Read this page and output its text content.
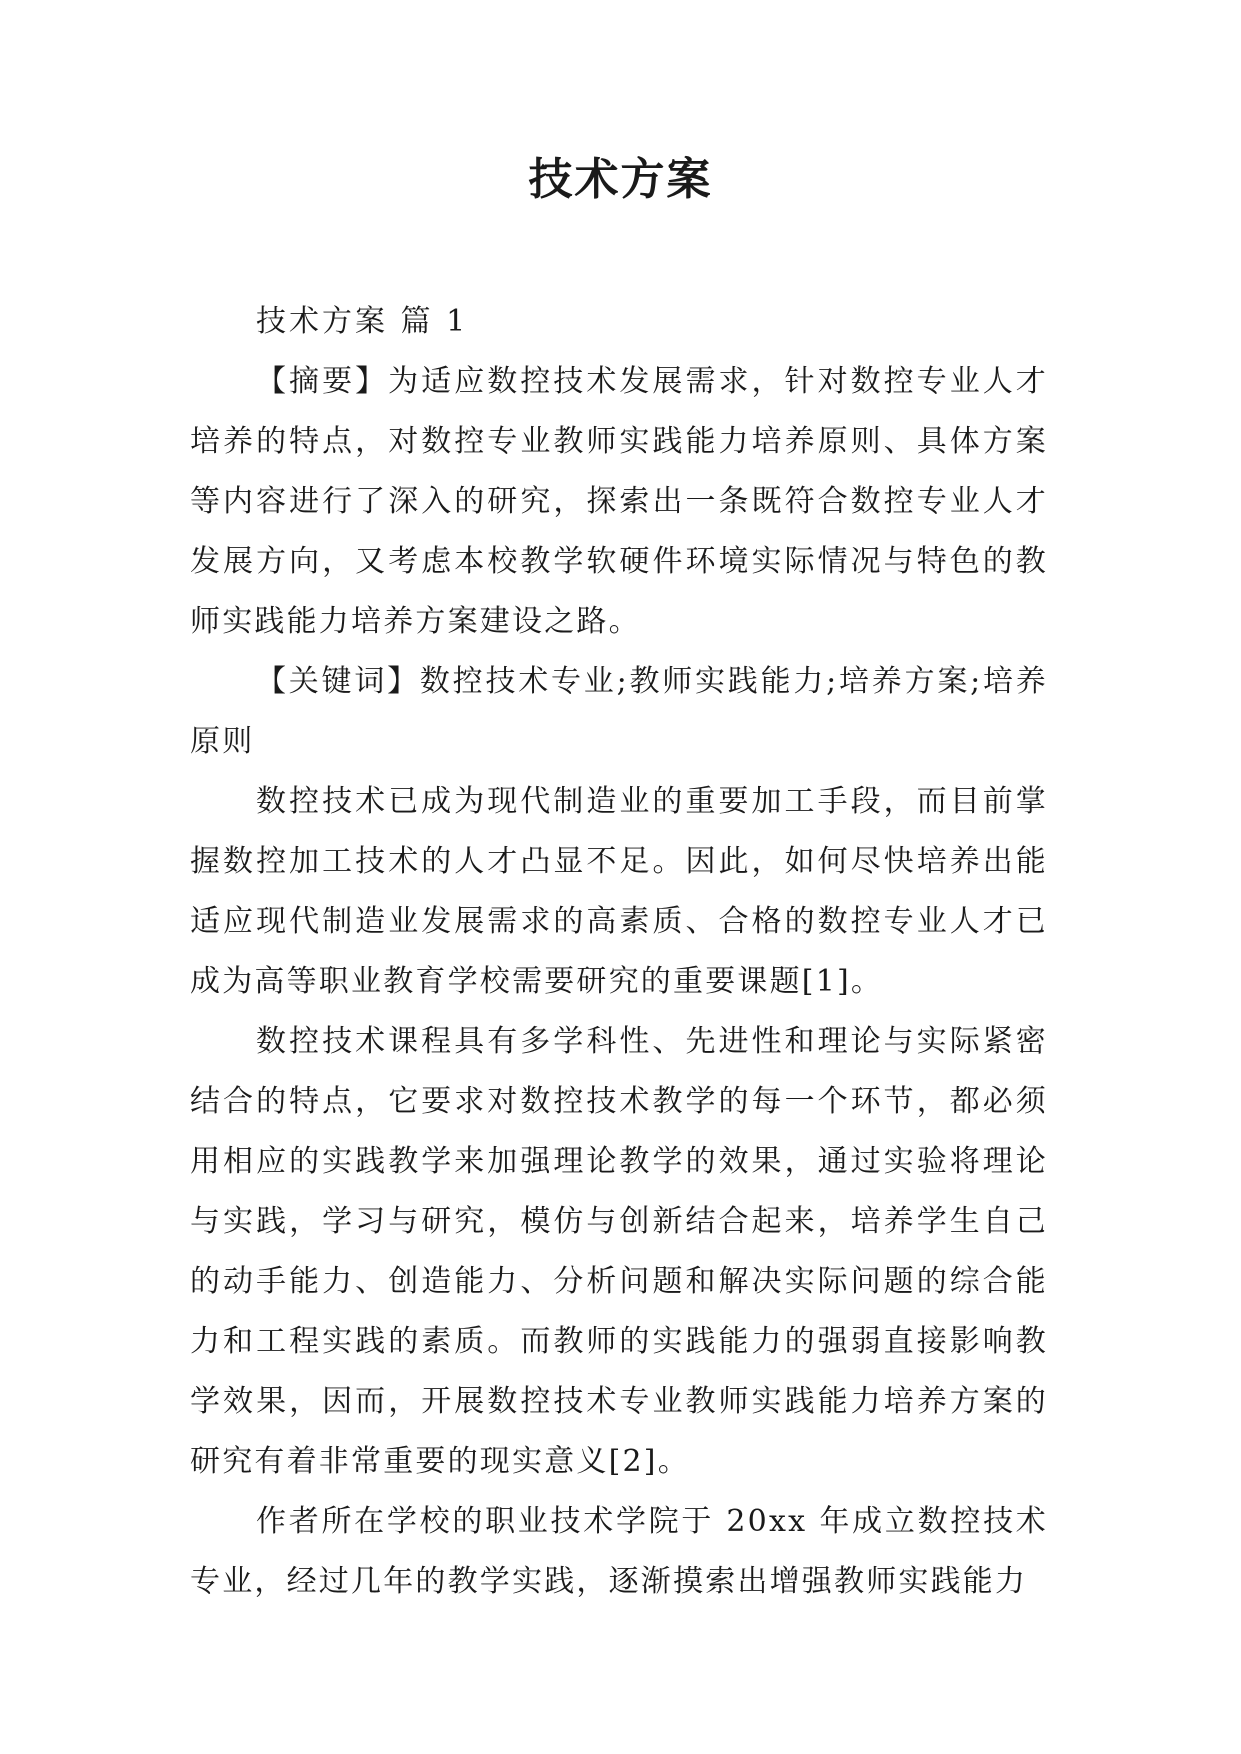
技术方案

技术方案 篇 1

【摘要】为适应数控技术发展需求，针对数控专业人才培养的特点，对数控专业教师实践能力培养原则、具体方案等内容进行了深入的研究，探索出一条既符合数控专业人才发展方向，又考虑本校教学软硬件环境实际情况与特色的教师实践能力培养方案建设之路。

【关键词】数控技术专业;教师实践能力;培养方案;培养原则

数控技术已成为现代制造业的重要加工手段，而目前掌握数控加工技术的人才凸显不足。因此，如何尽快培养出能适应现代制造业发展需求的高素质、合格的数控专业人才已成为高等职业教育学校需要研究的重要课题[1]。

数控技术课程具有多学科性、先进性和理论与实际紧密结合的特点，它要求对数控技术教学的每一个环节，都必须用相应的实践教学来加强理论教学的效果，通过实验将理论与实践，学习与研究，模仿与创新结合起来，培养学生自己的动手能力、创造能力、分析问题和解决实际问题的综合能力和工程实践的素质。而教师的实践能力的强弱直接影响教学效果，因而，开展数控技术专业教师实践能力培养方案的研究有着非常重要的现实意义[2]。

作者所在学校的职业技术学院于 20xx 年成立数控技术专业，经过几年的教学实践，逐渐摸索出增强教师实践能力
